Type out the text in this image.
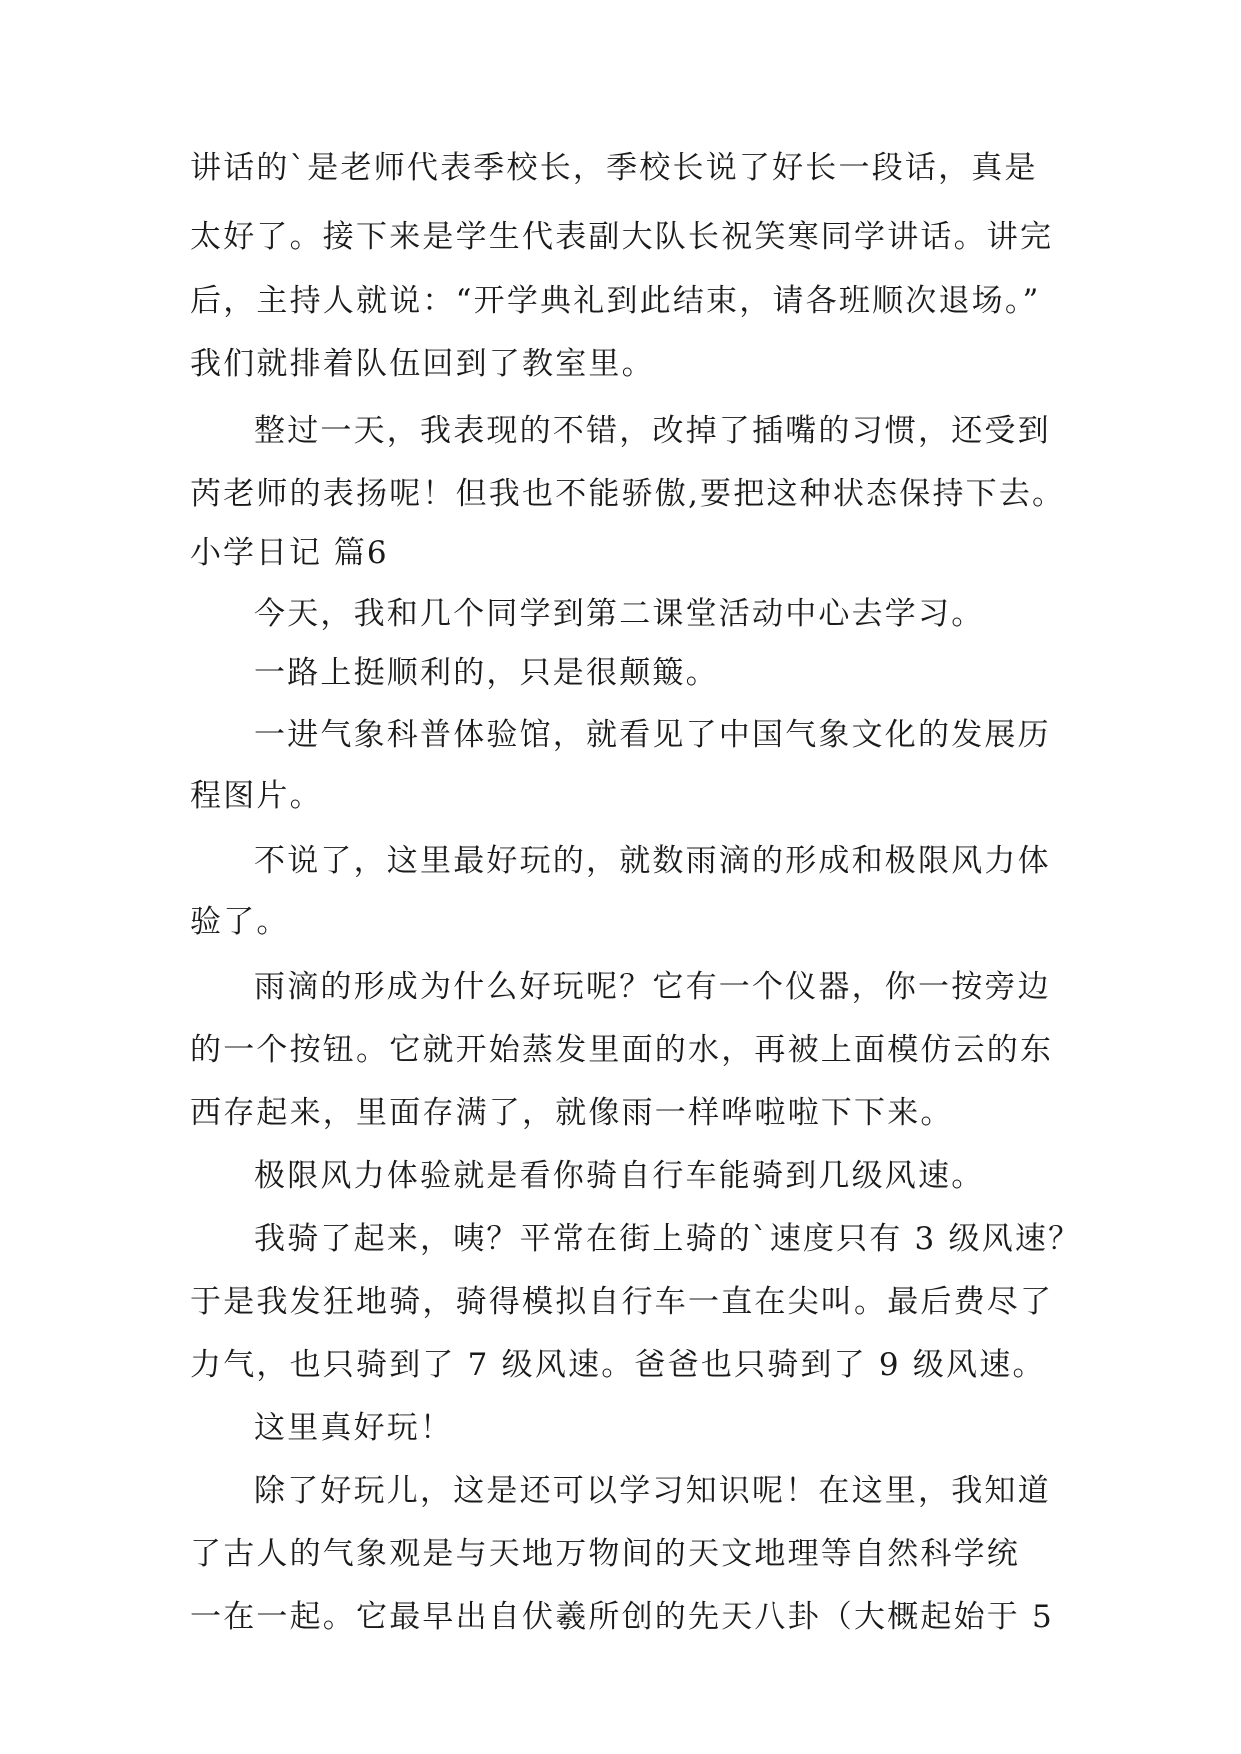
讲话的`是老师代表季校长，季校长说了好长一段话，真是
太好了。接下来是学生代表副大队长祝笑寒同学讲话。讲完
后，主持人就说：“开学典礼到此结束，请各班顺次退场。”
我们就排着队伍回到了教室里。
整过一天，我表现的不错，改掉了插嘴的习惯，还受到
芮老师的表扬呢！但我也不能骄傲,要把这种状态保持下去。
小学日记 篇6
今天，我和几个同学到第二课堂活动中心去学习。
一路上挺顺利的，只是很颠簸。
一进气象科普体验馆，就看见了中国气象文化的发展历
程图片。
不说了，这里最好玩的，就数雨滴的形成和极限风力体
验了。
雨滴的形成为什么好玩呢？它有一个仪器，你一按旁边
的一个按钮。它就开始蒸发里面的水，再被上面模仿云的东
西存起来，里面存满了，就像雨一样哗啦啦下下来。
极限风力体验就是看你骑自行车能骑到几级风速。
我骑了起来，咦？平常在街上骑的`速度只有 3 级风速？
于是我发狂地骑，骑得模拟自行车一直在尖叫。最后费尽了
力气，也只骑到了 7 级风速。爸爸也只骑到了 9 级风速。
这里真好玩！
除了好玩儿，这是还可以学习知识呢！在这里，我知道
了古人的气象观是与天地万物间的天文地理等自然科学统
一在一起。它最早出自伏羲所创的先天八卦（大概起始于 5
